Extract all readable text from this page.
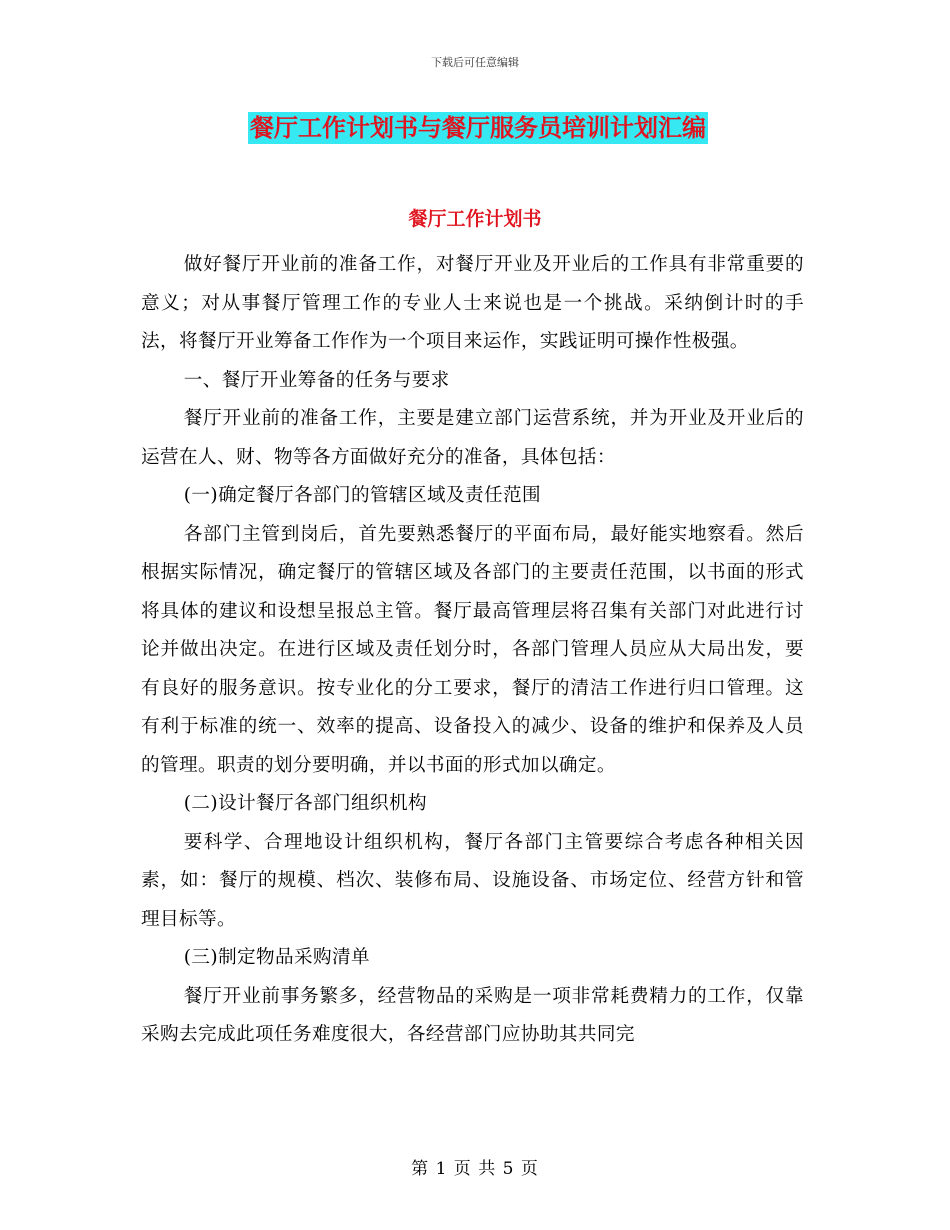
下载后可任意编辑
餐厅工作计划书与餐厅服务员培训计划汇编
餐厅工作计划书

做好餐厅开业前的准备工作，对餐厅开业及开业后的工作具有非常重要的意义；对从事餐厅管理工作的专业人士来说也是一个挑战。采纳倒计时的手法，将餐厅开业筹备工作作为一个项目来运作，实践证明可操作性极强。

一、餐厅开业筹备的任务与要求

餐厅开业前的准备工作，主要是建立部门运营系统，并为开业及开业后的运营在人、财、物等各方面做好充分的准备，具体包括：

(一)确定餐厅各部门的管辖区域及责任范围

各部门主管到岗后，首先要熟悉餐厅的平面布局，最好能实地察看。然后根据实际情况，确定餐厅的管辖区域及各部门的主要责任范围，以书面的形式将具体的建议和设想呈报总主管。餐厅最高管理层将召集有关部门对此进行讨论并做出决定。在进行区域及责任划分时，各部门管理人员应从大局出发，要有良好的服务意识。按专业化的分工要求，餐厅的清洁工作进行归口管理。这有利于标准的统一、效率的提高、设备投入的减少、设备的维护和保养及人员的管理。职责的划分要明确，并以书面的形式加以确定。

(二)设计餐厅各部门组织机构

要科学、合理地设计组织机构，餐厅各部门主管要综合考虑各种相关因素，如：餐厅的规模、档次、装修布局、设施设备、市场定位、经营方针和管理目标等。

(三)制定物品采购清单

餐厅开业前事务繁多，经营物品的采购是一项非常耗费精力的工作，仅靠采购去完成此项任务难度很大，各经营部门应协助其共同完

第 1 页 共 5 页
